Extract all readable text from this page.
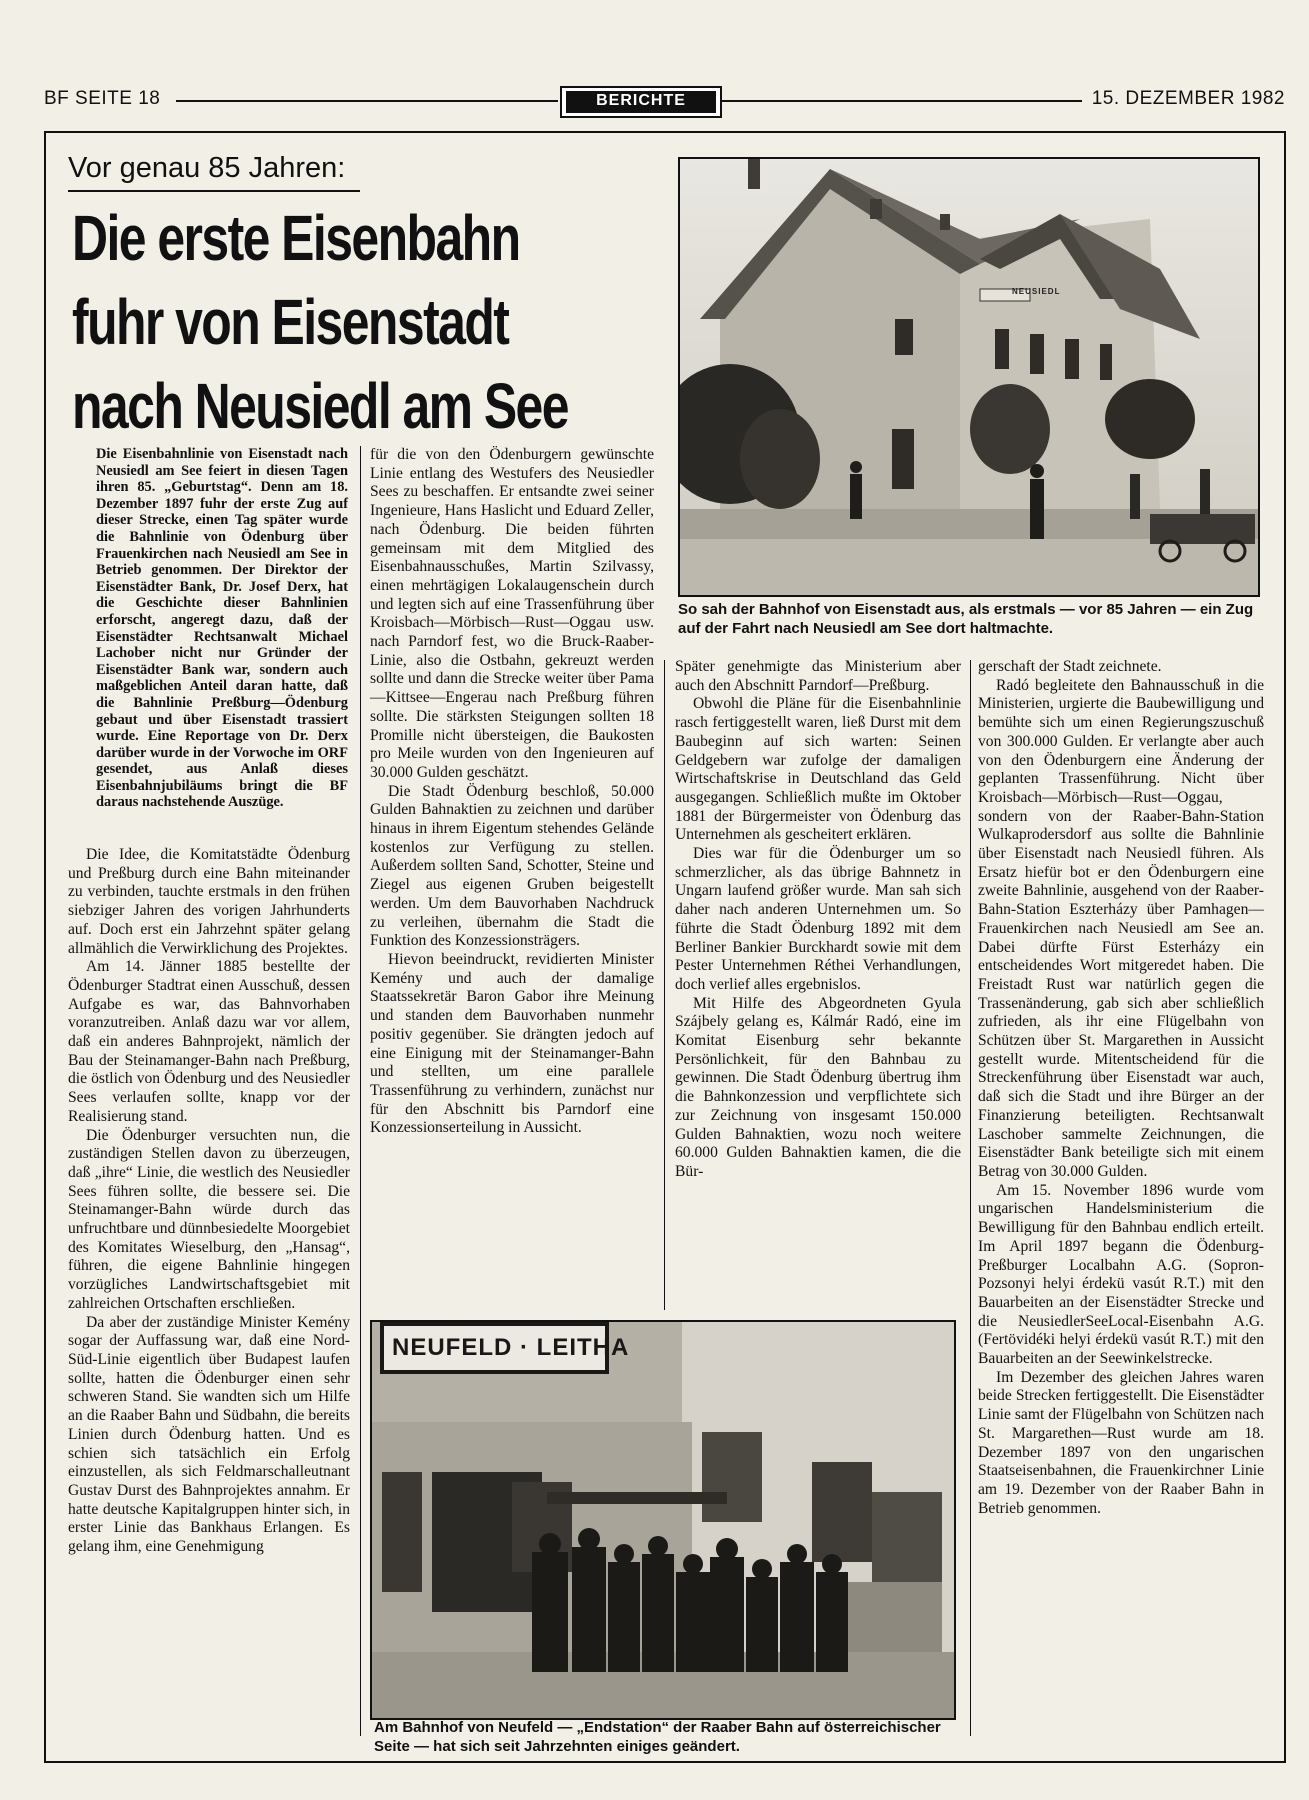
BF SEITE 18	BERICHTE	15. DEZEMBER 1982
Vor genau 85 Jahren:
Die erste Eisenbahn
fuhr von Eisenstadt
nach Neusiedl am See
NEUSIEDL
So sah der Bahnhof von Eisenstadt aus, als erstmals — vor 85 Jahren — ein Zug auf der Fahrt nach Neusiedl am See dort haltmachte.
Die Eisenbahnlinie von Eisenstadt nach Neusiedl am See feiert in diesen Tagen ihren 85. „Geburtstag“. Denn am 18. Dezember 1897 fuhr der erste Zug auf dieser Strecke, einen Tag später wurde die Bahnlinie von Ödenburg über Frauenkirchen nach Neusiedl am See in Betrieb genommen. Der Direktor der Eisenstädter Bank, Dr. Josef Derx, hat die Geschichte dieser Bahnlinien erforscht, angeregt dazu, daß der Eisenstädter Rechtsanwalt Michael Lachober nicht nur Gründer der Eisenstädter Bank war, sondern auch maßgeblichen Anteil daran hatte, daß die Bahnlinie Preßburg—Ödenburg gebaut und über Eisenstadt trassiert wurde. Eine Reportage von Dr. Derx darüber wurde in der Vorwoche im ORF gesendet, aus Anlaß dieses Eisenbahnjubiläums bringt die BF daraus nachstehende Auszüge.

Die Idee, die Komitatstädte Ödenburg und Preßburg durch eine Bahn miteinander zu verbinden, tauchte erstmals in den frühen siebziger Jahren des vorigen Jahrhunderts auf. Doch erst ein Jahrzehnt später gelang allmählich die Verwirklichung des Projektes.

Am 14. Jänner 1885 bestellte der Ödenburger Stadtrat einen Ausschuß, dessen Aufgabe es war, das Bahnvorhaben voranzutreiben. Anlaß dazu war vor allem, daß ein anderes Bahnprojekt, nämlich der Bau der Steinamanger-Bahn nach Preßburg, die östlich von Ödenburg und des Neusiedler Sees verlaufen sollte, knapp vor der Realisierung stand.

Die Ödenburger versuchten nun, die zuständigen Stellen davon zu überzeugen, daß „ihre“ Linie, die westlich des Neusiedler Sees führen sollte, die bessere sei. Die Steinamanger-Bahn würde durch das unfruchtbare und dünnbesiedelte Moorgebiet des Komitates Wieselburg, den „Hansag“, führen, die eigene Bahnlinie hingegen vorzügliches Landwirtschaftsgebiet mit zahlreichen Ortschaften erschließen.

Da aber der zuständige Minister Kemény sogar der Auffassung war, daß eine Nord-Süd-Linie eigentlich über Budapest laufen sollte, hatten die Ödenburger einen sehr schweren Stand. Sie wandten sich um Hilfe an die Raaber Bahn und Südbahn, die bereits Linien durch Ödenburg hatten. Und es schien sich tatsächlich ein Erfolg einzustellen, als sich Feldmarschalleutnant Gustav Durst des Bahnprojektes annahm. Er hatte deutsche Kapitalgruppen hinter sich, in erster Linie das Bankhaus Erlangen. Es gelang ihm, eine Genehmigung

für die von den Ödenburgern gewünschte Linie entlang des Westufers des Neusiedler Sees zu beschaffen. Er entsandte zwei seiner Ingenieure, Hans Haslicht und Eduard Zeller, nach Ödenburg. Die beiden führten gemeinsam mit dem Mitglied des Eisenbahnausschußes, Martin Szilvassy, einen mehrtägigen Lokalaugenschein durch und legten sich auf eine Trassenführung über Kroisbach—Mörbisch—Rust—Oggau usw. nach Parndorf fest, wo die Bruck-Raaber-Linie, also die Ostbahn, gekreuzt werden sollte und dann die Strecke weiter über Pama—Kittsee—Engerau nach Preßburg führen sollte. Die stärksten Steigungen sollten 18 Promille nicht übersteigen, die Baukosten pro Meile wurden von den Ingenieuren auf 30.000 Gulden geschätzt.

Die Stadt Ödenburg beschloß, 50.000 Gulden Bahnaktien zu zeichnen und darüber hinaus in ihrem Eigentum stehendes Gelände kostenlos zur Verfügung zu stellen. Außerdem sollten Sand, Schotter, Steine und Ziegel aus eigenen Gruben beigestellt werden. Um dem Bauvorhaben Nachdruck zu verleihen, übernahm die Stadt die Funktion des Konzessionsträgers.

Hievon beeindruckt, revidierten Minister Kemény und auch der damalige Staatssekretär Baron Gabor ihre Meinung und standen dem Bauvorhaben nunmehr positiv gegenüber. Sie drängten jedoch auf eine Einigung mit der Steinamanger-Bahn und stellten, um eine parallele Trassenführung zu verhindern, zunächst nur für den Abschnitt bis Parndorf eine Konzessionserteilung in Aussicht.

Später genehmigte das Ministerium aber auch den Abschnitt Parndorf—Preßburg.

Obwohl die Pläne für die Eisenbahnlinie rasch fertiggestellt waren, ließ Durst mit dem Baubeginn auf sich warten: Seinen Geldgebern war zufolge der damaligen Wirtschaftskrise in Deutschland das Geld ausgegangen. Schließlich mußte im Oktober 1881 der Bürgermeister von Ödenburg das Unternehmen als gescheitert erklären.

Dies war für die Ödenburger um so schmerzlicher, als das übrige Bahnnetz in Ungarn laufend größer wurde. Man sah sich daher nach anderen Unternehmen um. So führte die Stadt Ödenburg 1892 mit dem Berliner Bankier Burckhardt sowie mit dem Pester Unternehmen Réthei Verhandlungen, doch verlief alles ergebnislos.

Mit Hilfe des Abgeordneten Gyula Szájbely gelang es, Kálmár Radó, eine im Komitat Eisenburg sehr bekannte Persönlichkeit, für den Bahnbau zu gewinnen. Die Stadt Ödenburg übertrug ihm die Bahnkonzession und verpflichtete sich zur Zeichnung von insgesamt 150.000 Gulden Bahnaktien, wozu noch weitere 60.000 Gulden Bahnaktien kamen, die die Bür-

gerschaft der Stadt zeichnete.

Radó begleitete den Bahnausschuß in die Ministerien, urgierte die Baubewilligung und bemühte sich um einen Regierungszuschuß von 300.000 Gulden. Er verlangte aber auch von den Ödenburgern eine Änderung der geplanten Trassenführung. Nicht über Kroisbach—Mörbisch—Rust—Oggau, sondern von der Raaber-Bahn-Station Wulkaprodersdorf aus sollte die Bahnlinie über Eisenstadt nach Neusiedl führen. Als Ersatz hiefür bot er den Ödenburgern eine zweite Bahnlinie, ausgehend von der Raaber-Bahn-Station Eszterházy über Pamhagen—Frauenkirchen nach Neusiedl am See an. Dabei dürfte Fürst Esterházy ein entscheidendes Wort mitgeredet haben. Die Freistadt Rust war natürlich gegen die Trassenänderung, gab sich aber schließlich zufrieden, als ihr eine Flügelbahn von Schützen über St. Margarethen in Aussicht gestellt wurde. Mitentscheidend für die Streckenführung über Eisenstadt war auch, daß sich die Stadt und ihre Bürger an der Finanzierung beteiligten. Rechtsanwalt Laschober sammelte Zeichnungen, die Eisenstädter Bank beteiligte sich mit einem Betrag von 30.000 Gulden.

Am 15. November 1896 wurde vom ungarischen Handelsministerium die Bewilligung für den Bahnbau endlich erteilt. Im April 1897 begann die Ödenburg-Preßburger Localbahn A.G. (Sopron-Pozsonyi helyi érdekü vasút R.T.) mit den Bauarbeiten an der Eisenstädter Strecke und die NeusiedlerSeeLocal-Eisenbahn A.G. (Fertövidéki helyi érdekü vasút R.T.) mit den Bauarbeiten an der Seewinkelstrecke.

Im Dezember des gleichen Jahres waren beide Strecken fertiggestellt. Die Eisenstädter Linie samt der Flügelbahn von Schützen nach St. Margarethen—Rust wurde am 18. Dezember 1897 von den ungarischen Staatseisenbahnen, die Frauenkirchner Linie am 19. Dezember von der Raaber Bahn in Betrieb genommen.

NEUFELD · LEITHA
Am Bahnhof von Neufeld — „Endstation“ der Raaber Bahn auf österreichischer Seite — hat sich seit Jahrzehnten einiges geändert.
